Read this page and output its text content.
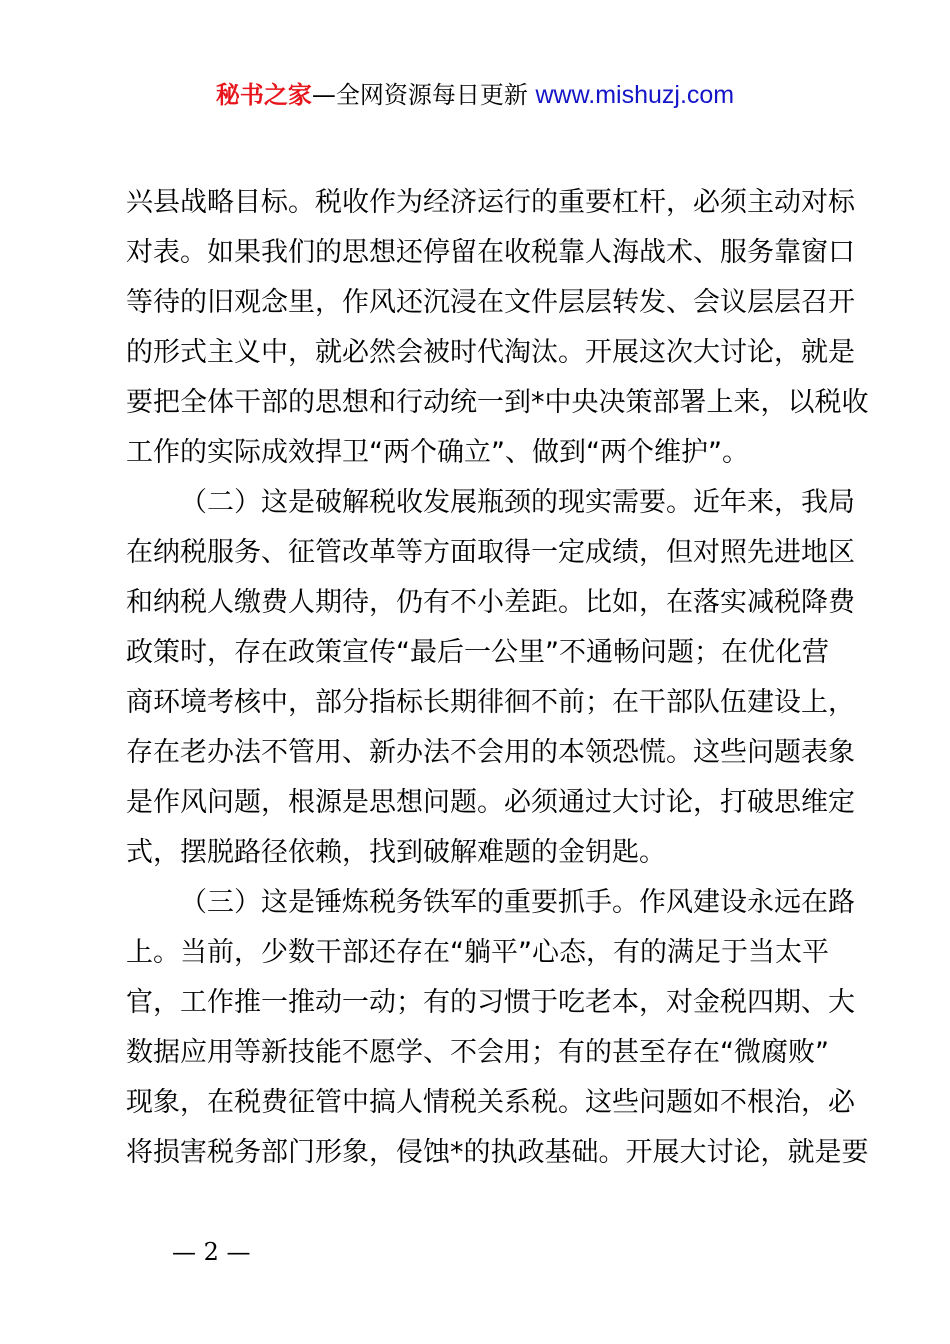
秘书之家—全网资源每日更新 www.mishuzj.com
兴县战略目标。税收作为经济运行的重要杠杆，必须主动对标
对表。如果我们的思想还停留在收税靠人海战术、服务靠窗口
等待的旧观念里，作风还沉浸在文件层层转发、会议层层召开
的形式主义中，就必然会被时代淘汰。开展这次大讨论，就是
要把全体干部的思想和行动统一到*中央决策部署上来，以税收
工作的实际成效捍卫“两个确立”、做到“两个维护”。
（二）这是破解税收发展瓶颈的现实需要。近年来，我局
在纳税服务、征管改革等方面取得一定成绩，但对照先进地区
和纳税人缴费人期待，仍有不小差距。比如，在落实减税降费
政策时，存在政策宣传“最后一公里”不通畅问题；在优化营
商环境考核中，部分指标长期徘徊不前；在干部队伍建设上，
存在老办法不管用、新办法不会用的本领恐慌。这些问题表象
是作风问题，根源是思想问题。必须通过大讨论，打破思维定
式，摆脱路径依赖，找到破解难题的金钥匙。
（三）这是锤炼税务铁军的重要抓手。作风建设永远在路
上。当前，少数干部还存在“躺平”心态，有的满足于当太平
官，工作推一推动一动；有的习惯于吃老本，对金税四期、大
数据应用等新技能不愿学、不会用；有的甚至存在“微腐败”
现象，在税费征管中搞人情税关系税。这些问题如不根治，必
将损害税务部门形象，侵蚀*的执政基础。开展大讨论，就是要
— 2 —
